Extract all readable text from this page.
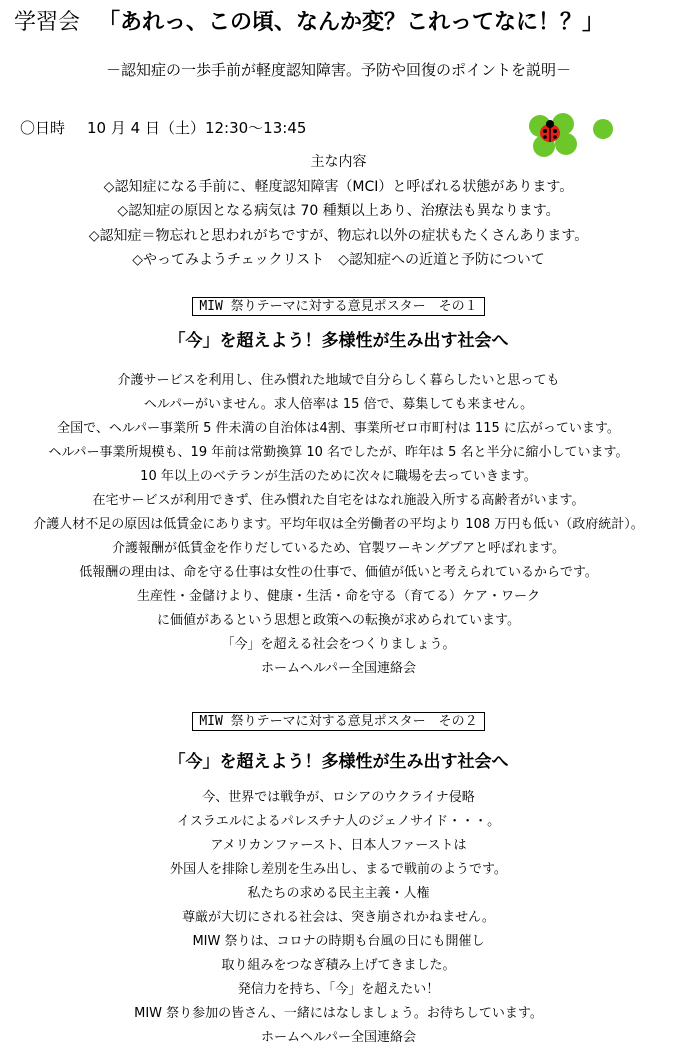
学習会 「あれっ、この頃、なんか変？これってなに！？」
－認知症の一歩手前が軽度認知障害。予防や回復のポイントを説明－
〇日時 10 月 4 日（土）12:30～13:45
主な内容
◇認知症になる手前に、軽度認知障害（MCI）と呼ばれる状態があります。
◇認知症の原因となる病気は 70 種類以上あり、治療法も異なります。
◇認知症＝物忘れと思われがちですが、物忘れ以外の症状もたくさんあります。
◇やってみようチェックリスト　◇認知症への近道と予防について
MIW 祭りテーマに対する意見ポスター　その１
「今」を超えよう！多様性が生み出す社会へ
介護サービスを利用し、住み慣れた地域で自分らしく暮らしたいと思っても
ヘルパーがいません。求人倍率は 15 倍で、募集しても来ません。
全国で、ヘルパー事業所 5 件未満の自治体は4割、事業所ゼロ市町村は 115 に広がっています。
ヘルパー事業所規模も、19 年前は常勤換算 10 名でしたが、昨年は 5 名と半分に縮小しています。
10 年以上のベテランが生活のために次々に職場を去っていきます。
在宅サービスが利用できず、住み慣れた自宅をはなれ施設入所する高齢者がいます。
介護人材不足の原因は低賃金にあります。平均年収は全労働者の平均より 108 万円も低い（政府統計）。
介護報酬が低賃金を作りだしているため、官製ワーキングプアと呼ばれます。
低報酬の理由は、命を守る仕事は女性の仕事で、価値が低いと考えられているからです。
生産性・金儲けより、健康・生活・命を守る（育てる）ケア・ワーク
に価値があるという思想と政策への転換が求められています。
「今」を超える社会をつくりましょう。
ホームヘルパー全国連絡会
MIW 祭りテーマに対する意見ポスター　その２
「今」を超えよう！多様性が生み出す社会へ
今、世界では戦争が、ロシアのウクライナ侵略
イスラエルによるパレスチナ人のジェノサイド・・・。
アメリカンファースト、日本人ファーストは
外国人を排除し差別を生み出し、まるで戦前のようです。
私たちの求める民主主義・人権
尊厳が大切にされる社会は、突き崩されかねません。
MIW 祭りは、コロナの時期も台風の日にも開催し
取り組みをつなぎ積み上げてきました。
発信力を持ち、「今」を超えたい！
MIW 祭り参加の皆さん、一緒にはなしましょう。お待ちしています。
ホームヘルパー全国連絡会
